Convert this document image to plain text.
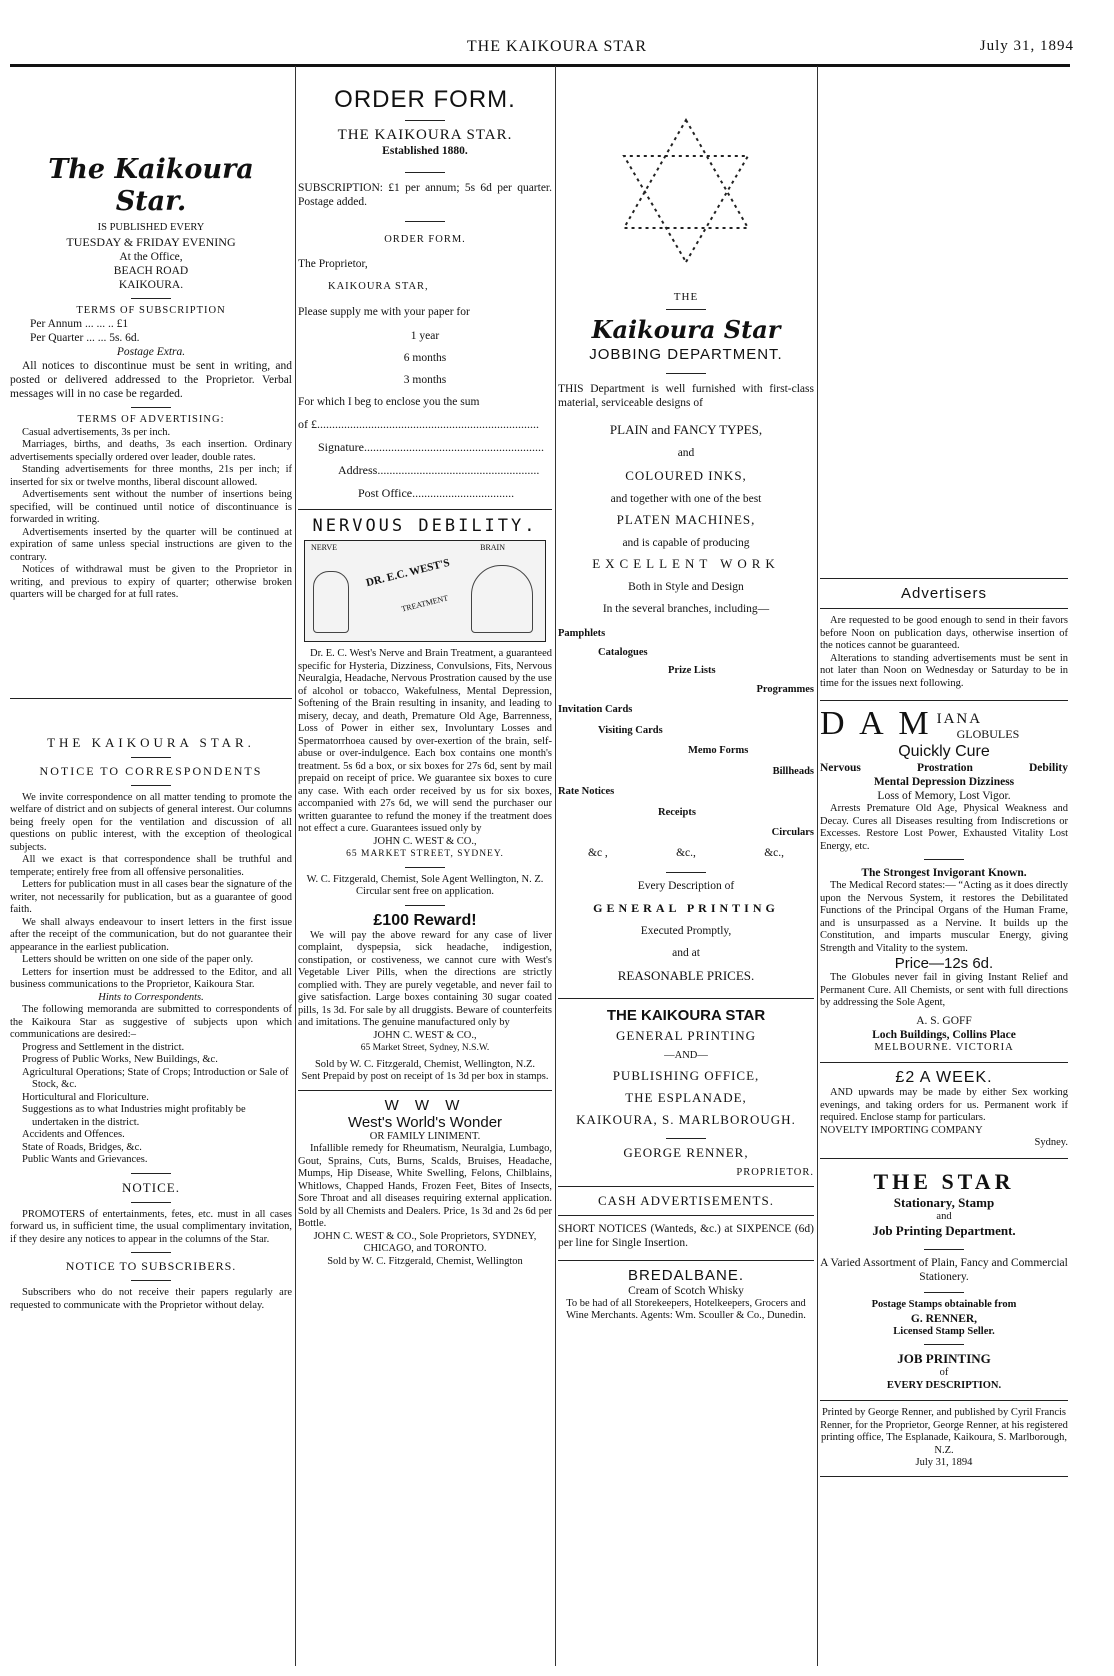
THE KAIKOURA STAR	July 31, 1894
The Kaikoura Star.
IS PUBLISHED EVERY
TUESDAY & FRIDAY EVENING
At the Office,
BEACH ROAD
KAIKOURA.
TERMS OF SUBSCRIPTION
Per Annum ... ... .. £1
Per Quarter ... ... 5s. 6d.
Postage Extra.

All notices to discontinue must be sent in writing, and posted or delivered addressed to the Proprietor. Verbal messages will in no case be regarded.

TERMS OF ADVERTISING:

Casual advertisements, 3s per inch.

Marriages, births, and deaths, 3s each insertion. Ordinary advertisements specially ordered over leader, double rates.

Standing advertisements for three months, 21s per inch; if inserted for six or twelve months, liberal discount allowed.

Advertisements sent without the number of insertions being specified, will be continued until notice of discontinuance is forwarded in writing.

Advertisements inserted by the quarter will be continued at expiration of same unless special instructions are given to the contrary.

Notices of withdrawal must be given to the Proprietor in writing, and previous to expiry of quarter; otherwise broken quarters will be charged for at full rates.

THE KAIKOURA STAR.
NOTICE TO CORRESPONDENTS

We invite correspondence on all matter tending to promote the welfare of district and on subjects of general interest. Our columns being freely open for the ventilation and discussion of all questions on public interest, with the exception of theological subjects.

All we exact is that correspondence shall be truthful and temperate; entirely free from all offensive personalities.

Letters for publication must in all cases bear the signature of the writer, not necessarily for publication, but as a guarantee of good faith.

We shall always endeavour to insert letters in the first issue after the receipt of the communication, but do not guarantee their appearance in the earliest publication.

Letters should be written on one side of the paper only.

Letters for insertion must be addressed to the Editor, and all business communications to the Proprietor, Kaikoura Star.

Hints to Correspondents.

The following memoranda are submitted to correspondents of the Kaikoura Star as suggestive of subjects upon which communications are desired:–

Progress and Settlement in the district.

Progress of Public Works, New Buildings, &c.

Agricultural Operations; State of Crops; Introduction or Sale of Stock, &c.

Horticultural and Floriculture.

Suggestions as to what Industries might profitably be undertaken in the district.

Accidents and Offences.

State of Roads, Bridges, &c.

Public Wants and Grievances.

NOTICE.

PROMOTERS of entertainments, fetes, etc. must in all cases forward us, in sufficient time, the usual complimentary invitation, if they desire any notices to appear in the columns of the Star.

NOTICE TO SUBSCRIBERS.

Subscribers who do not receive their papers regularly are requested to communicate with the Proprietor without delay.

ORDER FORM.
THE KAIKOURA STAR.
Established 1880.

SUBSCRIPTION: £1 per annum; 5s 6d per quarter. Postage added.

ORDER FORM.
The Proprietor,
KAIKOURA STAR,

Please supply me with your paper for

1 year
6 months
3 months
For which I beg to enclose you the sum
of £..........................................................................
Signature............................................................
Address......................................................
Post Office..................................
NERVOUS DEBILITY.
NERVE
DR. E.C. WEST'S
TREATMENT
BRAIN

Dr. E. C. West's Nerve and Brain Treatment, a guaranteed specific for Hysteria, Dizziness, Convulsions, Fits, Nervous Neuralgia, Headache, Nervous Prostration caused by the use of alcohol or tobacco, Wakefulness, Mental Depression, Softening of the Brain resulting in insanity, and leading to misery, decay, and death, Premature Old Age, Barrenness, Loss of Power in either sex, Involuntary Losses and Spermatorrhoea caused by over-exertion of the brain, self-abuse or over-indulgence. Each box contains one month's treatment. 5s 6d a box, or six boxes for 27s 6d, sent by mail prepaid on receipt of price. We guarantee six boxes to cure any case. With each order received by us for six boxes, accompanied with 27s 6d, we will send the purchaser our written guarantee to refund the money if the treatment does not effect a cure. Guarantees issued only by

JOHN C. WEST & CO.,
65 MARKET STREET, SYDNEY.
W. C. Fitzgerald, Chemist, Sole Agent Wellington, N. Z.
Circular sent free on application.
£100 Reward!

We will pay the above reward for any case of liver complaint, dyspepsia, sick headache, indigestion, constipation, or costiveness, we cannot cure with West's Vegetable Liver Pills, when the directions are strictly complied with. They are purely vegetable, and never fail to give satisfaction. Large boxes containing 30 sugar coated pills, 1s 3d. For sale by all druggists. Beware of counterfeits and imitations. The genuine manufactured only by

JOHN C. WEST & CO.,
65 Market Street, Sydney, N.S.W.
Sold by W. C. Fitzgerald, Chemist, Wellington, N.Z.
Sent Prepaid by post on receipt of 1s 3d per box in stamps.
W W W
West's World's Wonder
OR FAMILY LINIMENT.

Infallible remedy for Rheumatism, Neuralgia, Lumbago, Gout, Sprains, Cuts, Burns, Scalds, Bruises, Headache, Mumps, Hip Disease, White Swelling, Felons, Chilblains, Whitlows, Chapped Hands, Frozen Feet, Bites of Insects, Sore Throat and all diseases requiring external application. Sold by all Chemists and Dealers. Price, 1s 3d and 2s 6d per Bottle.

JOHN C. WEST & CO., Sole Proprietors, SYDNEY, CHICAGO, and TORONTO.

Sold by W. C. Fitzgerald, Chemist, Wellington

THE
Kaikoura Star
JOBBING DEPARTMENT.

THIS Department is well furnished with first-class material, serviceable designs of

PLAIN and FANCY TYPES,
and
COLOURED INKS,
and together with one of the best
PLATEN MACHINES,
and is capable of producing
EXCELLENT WORK
Both in Style and Design
In the several branches, including—
Pamphlets
Catalogues
Prize Lists
Programmes
Invitation Cards
Visiting Cards
Memo Forms
Billheads
Rate Notices
Receipts
Circulars
&c ,	&c.,	&c.,
Every Description of
GENERAL PRINTING
Executed Promptly,
and at
REASONABLE PRICES.
THE KAIKOURA STAR
GENERAL PRINTING
—AND—
PUBLISHING OFFICE,
THE ESPLANADE,
KAIKOURA, S. MARLBOROUGH.
GEORGE RENNER,
PROPRIETOR.
CASH ADVERTISEMENTS.

SHORT NOTICES (Wanteds, &c.) at SIXPENCE (6d) per line for Single Insertion.

BREDALBANE.
Cream of Scotch Whisky

To be had of all Storekeepers, Hotelkeepers, Grocers and Wine Merchants. Agents: Wm. Scouller & Co., Dunedin.

Advertisers

Are requested to be good enough to send in their favors before Noon on publication days, otherwise insertion of the notices cannot be guaranteed.

Alterations to standing advertisements must be sent in not later than Noon on Wednesday or Saturday to be in time for the issues next following.

D A M IANA
GLOBULES
Quickly Cure
Nervous	Prostration	Debility
Mental Depression Dizziness
Loss of Memory, Lost Vigor.

Arrests Premature Old Age, Physical Weakness and Decay. Cures all Diseases resulting from Indiscretions or Excesses. Restore Lost Power, Exhausted Vitality Lost Energy, etc.

The Strongest Invigorant Known.

The Medical Record states:— “Acting as it does directly upon the Nervous System, it restores the Debilitated Functions of the Principal Organs of the Human Frame, and is unsurpassed as a Nervine. It builds up the Constitution, and imparts muscular Energy, giving Strength and Vitality to the system.

Price—12s 6d.

The Globules never fail in giving Instant Relief and Permanent Cure. All Chemists, or sent with full directions by addressing the Sole Agent,

A. S. GOFF
Loch Buildings, Collins Place
MELBOURNE. VICTORIA
£2 A WEEK.

AND upwards may be made by either Sex working evenings, and taking orders for us. Permanent work if required. Enclose stamp for particulars.

NOVELTY IMPORTING COMPANY
Sydney.
THE STAR
Stationary, Stamp
and
Job Printing Department.

A Varied Assortment of Plain, Fancy and Commercial Stationery.

Postage Stamps obtainable from
G. RENNER,
Licensed Stamp Seller.
JOB PRINTING
of
EVERY DESCRIPTION.

Printed by George Renner, and published by Cyril Francis Renner, for the Proprietor, George Renner, at his registered printing office, The Esplanade, Kaikoura, S. Marlborough, N.Z.

July 31, 1894
